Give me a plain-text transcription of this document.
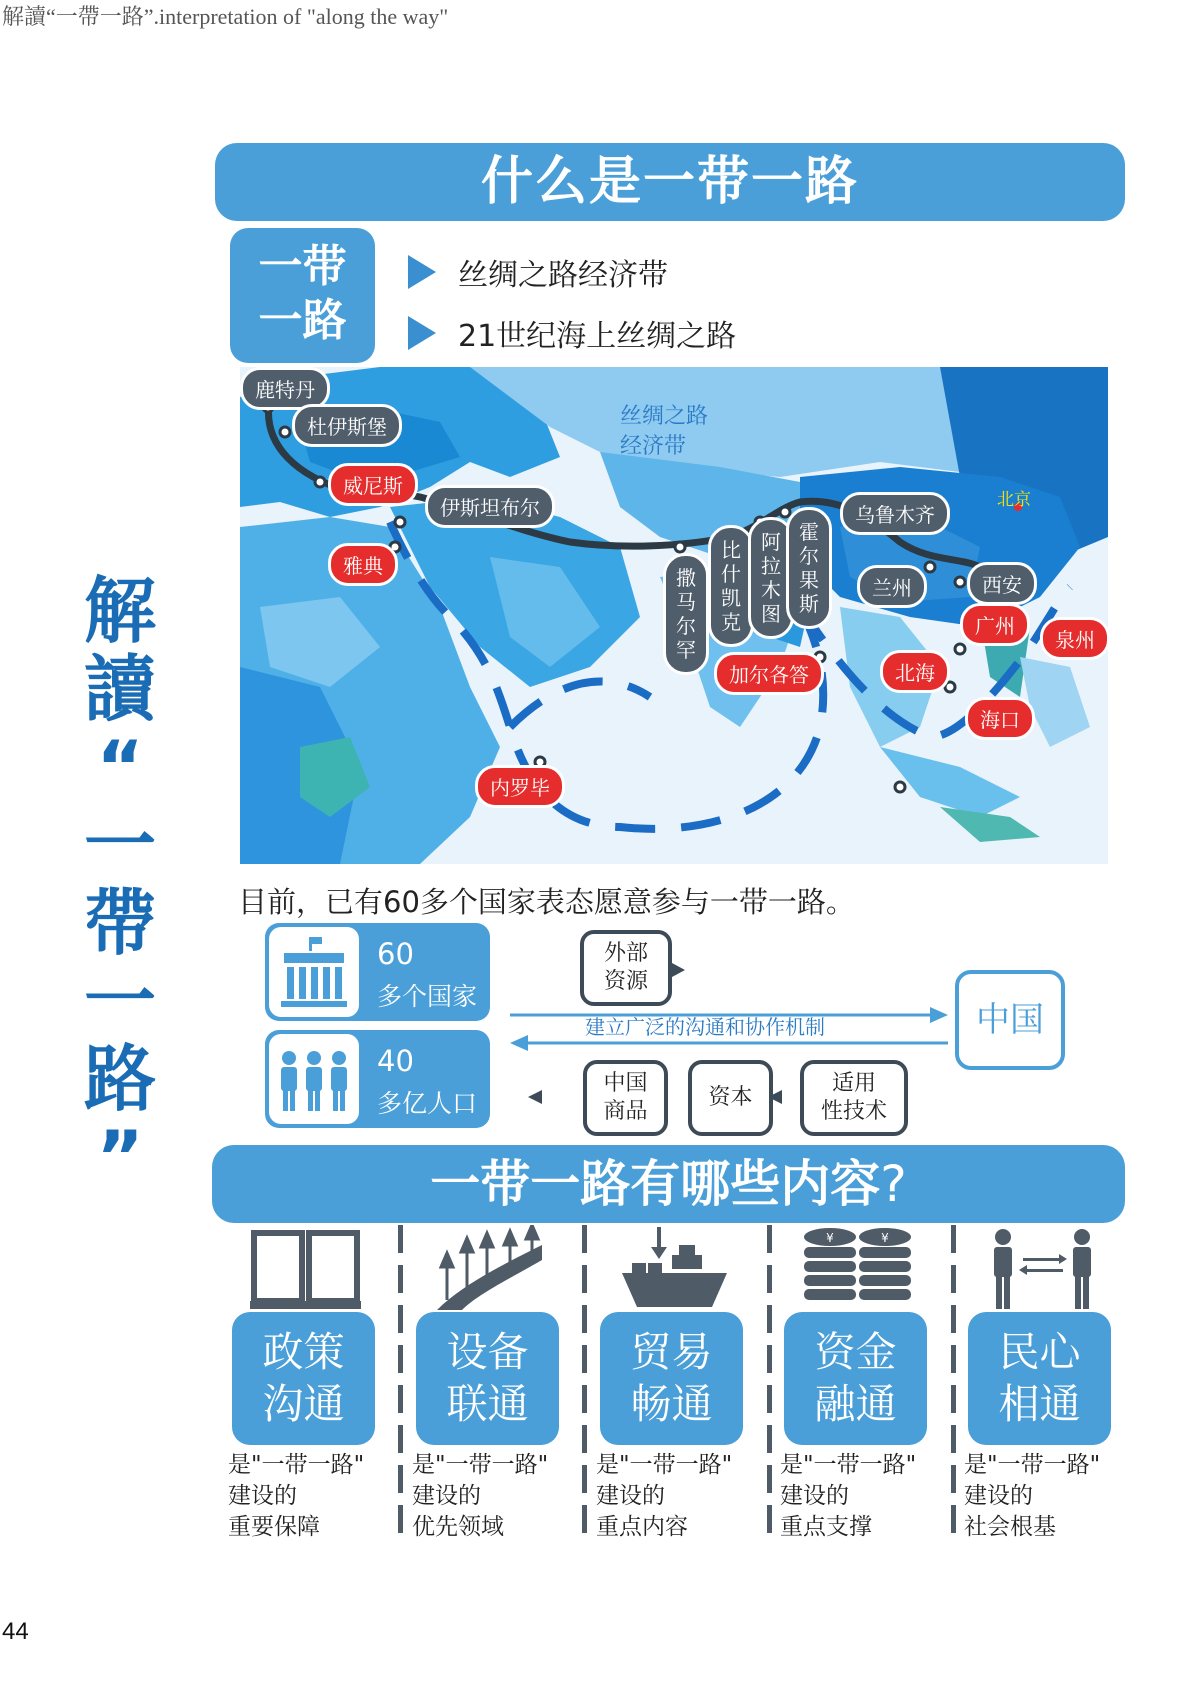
解讀“一帶一路”.interpretation of "along the way"
解
讀
“
一
帶
一
路
”
什么是一带一路
一带
一路
丝绸之路经济带
21世纪海上丝绸之路
丝绸之路
经济带
北京
鹿特丹
杜伊斯堡
威尼斯
伊斯坦布尔
雅典	撒马尔罕
比什凯克
阿拉木图
霍尔果斯
乌鲁木齐
兰州	西安
广州
泉州
加尔各答	北海
海口
内罗毕
目前，已有60多个国家表态愿意参与一带一路。
60
多个国家
40
多亿人口
外部
资源
建立广泛的沟通和协作机制	中国
中国
商品
资本
适用
性技术
一带一路有哪些内容?
¥	¥
政策
沟通
设备
联通
贸易
畅通
资金
融通
民心
相通
是"一带一路"
建设的
重要保障
是"一带一路"
建设的
优先领域
是"一带一路"
建设的
重点内容
是"一带一路"
建设的
重点支撑
是"一带一路"
建设的
社会根基
44
